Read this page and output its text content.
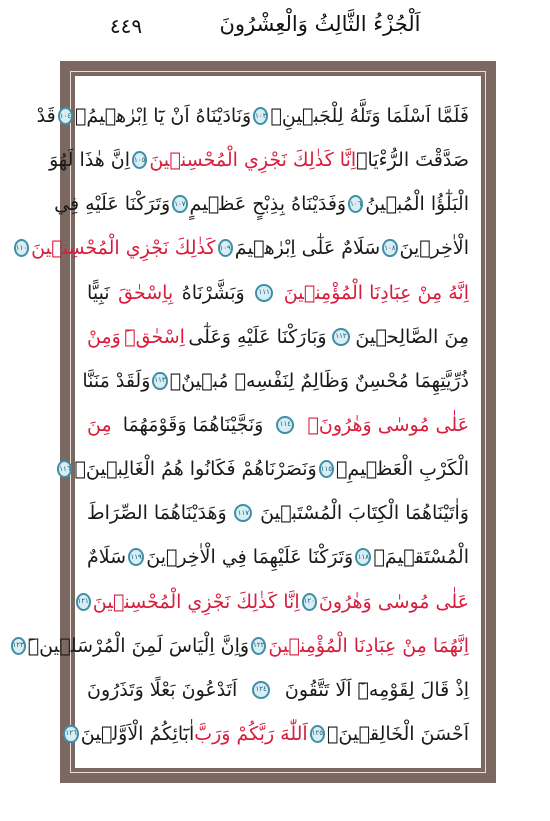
اَلْجُزْءُ الثَّالِثُ وَالْعِشْرُونَ
٤٤٩
فَلَمَّا اَسْلَمَا وَتَلَّهُ لِلْجَب۪ينِۚ
١٠٣
وَنَادَيْنَاهُ اَنْ يَٓا اِبْرٰه۪يمُۙ
١٠٤
قَدْ
صَدَّقْتَ الرُّءْيَاۚ
اِنَّا كَذٰلِكَ نَجْزِي الْمُحْسِن۪ينَ
١٠٥
اِنَّ هٰذَا لَهُوَ
الْبَلٰٓؤُا الْمُب۪ينُ
١٠٦
وَفَدَيْنَاهُ بِذِبْحٍ عَظ۪يمٍ
١٠٧
وَتَرَكْنَا عَلَيْهِ فِي
الْاٰخِر۪ينَ
١٠٨
سَلَامٌ عَلٰٓى اِبْرٰه۪يمَ
١٠٩
كَذٰلِكَ نَجْزِي الْمُحْسِن۪ينَ
١١٠
اِنَّهُ مِنْ عِبَادِنَا الْمُؤْمِن۪ينَ
١١١
وَبَشَّرْنَاهُ
بِاِسْحٰقَ
نَبِيًّا
مِنَ الصَّالِح۪ينَ
١١٢
وَبَارَكْنَا عَلَيْهِ وَعَلٰٓى
اِسْحٰقَۜ
وَمِنْ
ذُرِّيَّتِهِمَا مُحْسِنٌ وَظَالِمٌ لِنَفْسِه۪ مُب۪ينٌ۟
١١٣
وَلَقَدْ مَنَنَّا
عَلٰى مُوسٰى وَهٰرُونَۚ
١١٤
وَنَجَّيْنَاهُمَا وَقَوْمَهُمَا
مِنَ
الْكَرْبِ الْعَظ۪يمِۚ
١١٥
وَنَصَرْنَاهُمْ فَكَانُوا هُمُ الْغَالِب۪ينَۚ
١١٦
وَاٰتَيْنَاهُمَا الْكِتَابَ الْمُسْتَب۪ينَ
١١٧
وَهَدَيْنَاهُمَا الصِّرَاطَ
الْمُسْتَق۪يمَۚ
١١٨
وَتَرَكْنَا عَلَيْهِمَا فِي الْاٰخِر۪ينَ
١١٩
سَلَامٌ
عَلٰى مُوسٰى وَهٰرُونَ
١٢٠
اِنَّا كَذٰلِكَ نَجْزِي الْمُحْسِن۪ينَ
١٢١
اِنَّهُمَا مِنْ عِبَادِنَا الْمُؤْمِن۪ينَ
١٢٢
وَاِنَّ اِلْيَاسَ لَمِنَ الْمُرْسَل۪ينَۜ
١٢٣
اِذْ قَالَ لِقَوْمِه۪ٓ اَلَا تَتَّقُونَ
١٢٤
اَتَدْعُونَ بَعْلًا وَتَذَرُونَ
اَحْسَنَ الْخَالِق۪ينَۙ
١٢٥
اَللّٰهَ رَبَّكُمْ وَرَبَّ
اٰبَٓائِكُمُ الْاَوَّل۪ينَ
١٢٦
